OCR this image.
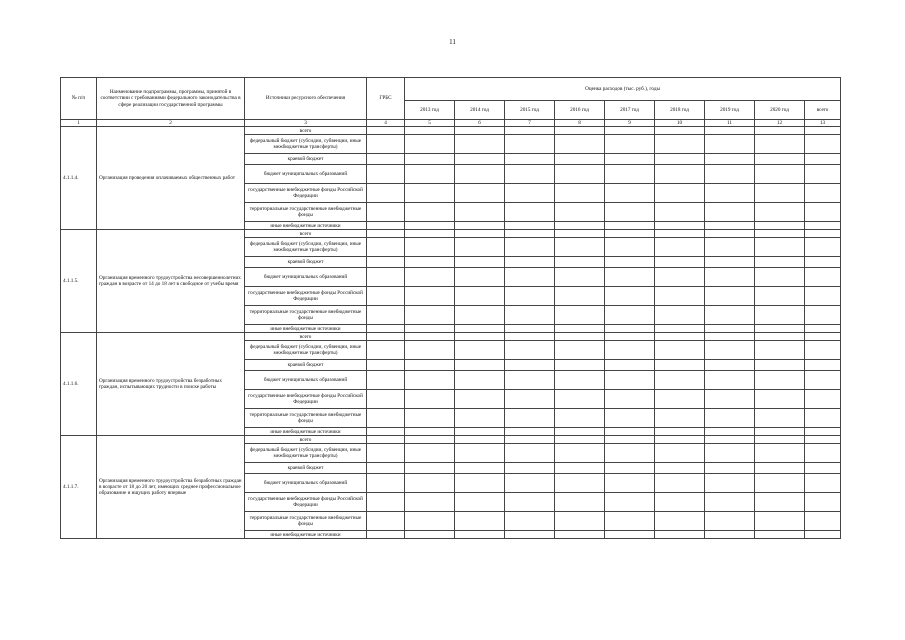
11
№ п/п	Наименование подпрограммы, программы, принятой в соответствии с требованиями федерального законодательства в сфере реализации государственной программы	Источники ресурсного обеспечения	ГРБС	Оценка расходов (тыс. руб.), годы								
				2013 год	2014 год	2015 год	2016 год	2017 год	2018 год	2019 год	2020 год	всего
1	2	3	4	5	6	7	8	9	10	11	12	13
4.1.1.4.	Организация проведения оплачиваемых общественных работ	всего										
		федеральный бюджет (субсидии, субвенции, иные межбюджетные трансферты)										
		краевой бюджет										
		бюджет муниципальных образований										
		государственные внебюджетные фонды Российской Федерации										
		территориальные государственные внебюджетные фонды										
		иные внебюджетные источники										
4.1.1.5.	Организация временного трудоустройства несовершеннолетних граждан в возрасте от 14 до 18 лет в свободное от учебы время	всего										
		федеральный бюджет (субсидии, субвенции, иные межбюджетные трансферты)										
		краевой бюджет										
		бюджет муниципальных образований										
		государственные внебюджетные фонды Российской Федерации										
		территориальные государственные внебюджетные фонды										
		иные внебюджетные источники										
4.1.1.6.	Организация временного трудоустройства безработных граждан, испытывающих трудности в поиске работы	всего										
		федеральный бюджет (субсидии, субвенции, иные межбюджетные трансферты)										
		краевой бюджет										
		бюджет муниципальных образований										
		государственные внебюджетные фонды Российской Федерации										
		территориальные государственные внебюджетные фонды										
		иные внебюджетные источники										
4.1.1.7.	Организация временного трудоустройства безработных граждан в возрасте от 18 до 20 лет, имеющих среднее профессиональное образование и ищущих работу впервые	всего										
		федеральный бюджет (субсидии, субвенции, иные межбюджетные трансферты)										
		краевой бюджет										
		бюджет муниципальных образований										
		государственные внебюджетные фонды Российской Федерации										
		территориальные государственные внебюджетные фонды										
		иные внебюджетные источники										
